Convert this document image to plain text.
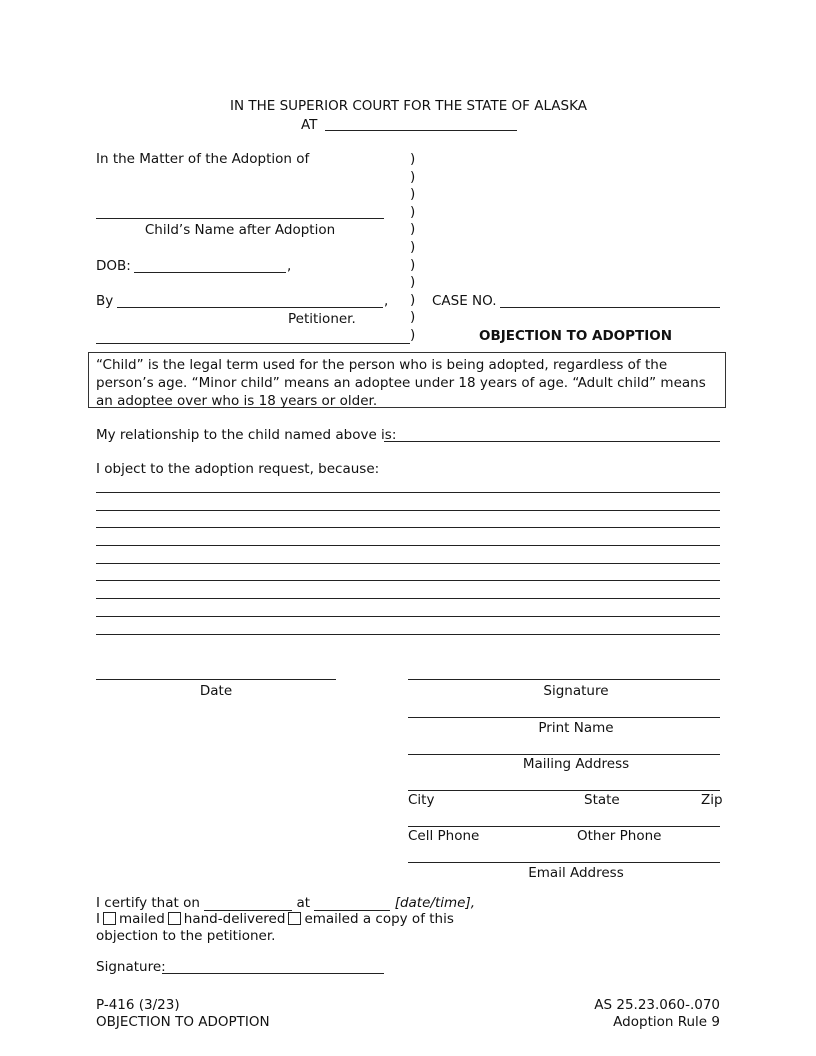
IN THE SUPERIOR COURT FOR THE STATE OF ALASKA
AT
In the Matter of the Adoption of
Child’s Name after Adoption
DOB:	,
By	,
Petitioner.
)
)
)
)
)
)
)
)
)
)
)
CASE NO.
OBJECTION TO ADOPTION
“Child” is the legal term used for the person who is being adopted, regardless of the person’s age. “Minor child” means an adoptee under 18 years of age. “Adult child” means an adoptee over who is 18 years or older.
My relationship to the child named above is:
I object to the adoption request, because:
Date	Signature
Print Name
Mailing Address
City	State	Zip
Cell Phone	Other Phone
Email Address
I certify that on	at	[date/time],
I mailed hand-delivered emailed a copy of this
objection to the petitioner.
Signature:
P-416 (3/23)
OBJECTION TO ADOPTION
AS 25.23.060-.070
Adoption Rule 9
